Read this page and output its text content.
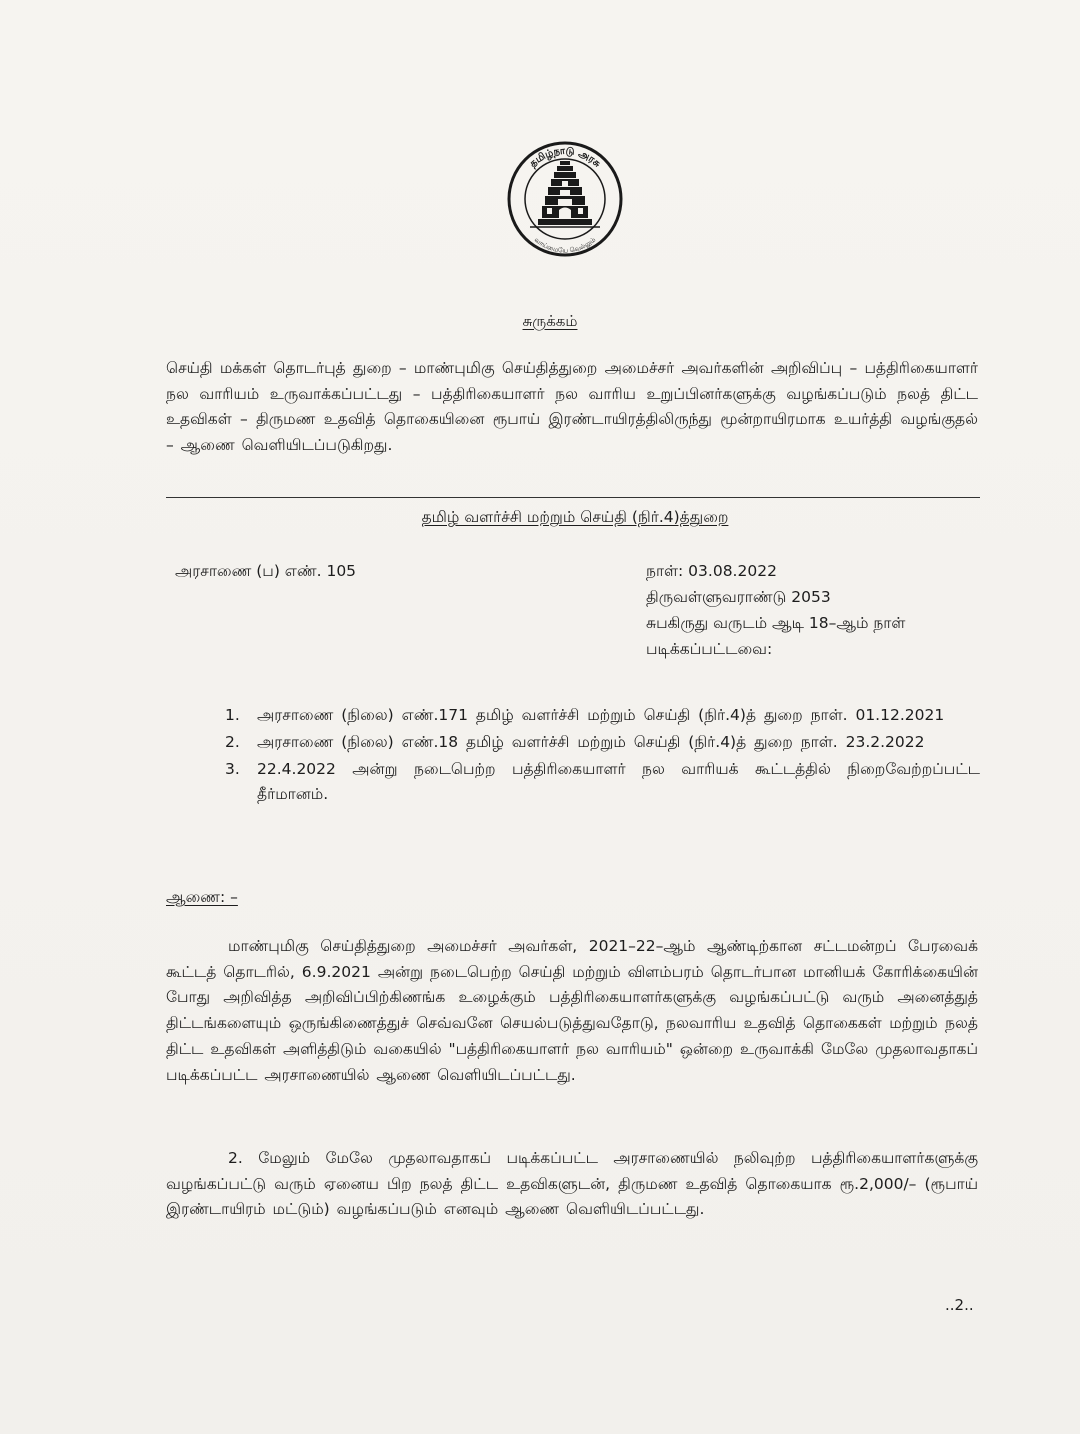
தமிழ்நாடு அரசு
வாய்மையே வெல்லும்
சுருக்கம்
செய்தி மக்கள் தொடர்புத் துறை – மாண்புமிகு செய்தித்துறை அமைச்சர் அவர்களின் அறிவிப்பு – பத்திரிகையாளர் நல வாரியம் உருவாக்கப்பட்டது – பத்திரிகையாளர் நல வாரிய உறுப்பினர்களுக்கு வழங்கப்படும் நலத் திட்ட உதவிகள் – திருமண உதவித் தொகையினை ரூபாய் இரண்டாயிரத்திலிருந்து மூன்றாயிரமாக உயர்த்தி வழங்குதல் – ஆணை வெளியிடப்படுகிறது.
தமிழ் வளர்ச்சி மற்றும் செய்தி (நிர்.4)த்துறை
அரசாணை (ப) எண். 105	நாள்: 03.08.2022
திருவள்ளுவராண்டு 2053
சுபகிருது வருடம் ஆடி 18–ஆம் நாள்
படிக்கப்பட்டவை:
1. அரசாணை (நிலை) எண்.171 தமிழ் வளர்ச்சி மற்றும் செய்தி (நிர்.4)த் துறை நாள். 01.12.2021
2. அரசாணை (நிலை) எண்.18 தமிழ் வளர்ச்சி மற்றும் செய்தி (நிர்.4)த் துறை நாள். 23.2.2022
3. 22.4.2022 அன்று நடைபெற்ற பத்திரிகையாளர் நல வாரியக் கூட்டத்தில் நிறைவேற்றப்பட்ட தீர்மானம்.
ஆணை: –
மாண்புமிகு செய்தித்துறை அமைச்சர் அவர்கள், 2021–22–ஆம் ஆண்டிற்கான சட்டமன்றப் பேரவைக் கூட்டத் தொடரில், 6.9.2021 அன்று நடைபெற்ற செய்தி மற்றும் விளம்பரம் தொடர்பான மானியக் கோரிக்கையின் போது அறிவித்த அறிவிப்பிற்கிணங்க உழைக்கும் பத்திரிகையாளர்களுக்கு வழங்கப்பட்டு வரும் அனைத்துத் திட்டங்களையும் ஒருங்கிணைத்துச் செவ்வனே செயல்படுத்துவதோடு, நலவாரிய உதவித் தொகைகள் மற்றும் நலத் திட்ட உதவிகள் அளித்திடும் வகையில் "பத்திரிகையாளர் நல வாரியம்" ஒன்றை உருவாக்கி மேலே முதலாவதாகப் படிக்கப்பட்ட அரசாணையில் ஆணை வெளியிடப்பட்டது.
2. மேலும் மேலே முதலாவதாகப் படிக்கப்பட்ட அரசாணையில் நலிவுற்ற பத்திரிகையாளர்களுக்கு வழங்கப்பட்டு வரும் ஏனைய பிற நலத் திட்ட உதவிகளுடன், திருமண உதவித் தொகையாக ரூ.2,000/– (ரூபாய் இரண்டாயிரம் மட்டும்) வழங்கப்படும் எனவும் ஆணை வெளியிடப்பட்டது.
..2..
